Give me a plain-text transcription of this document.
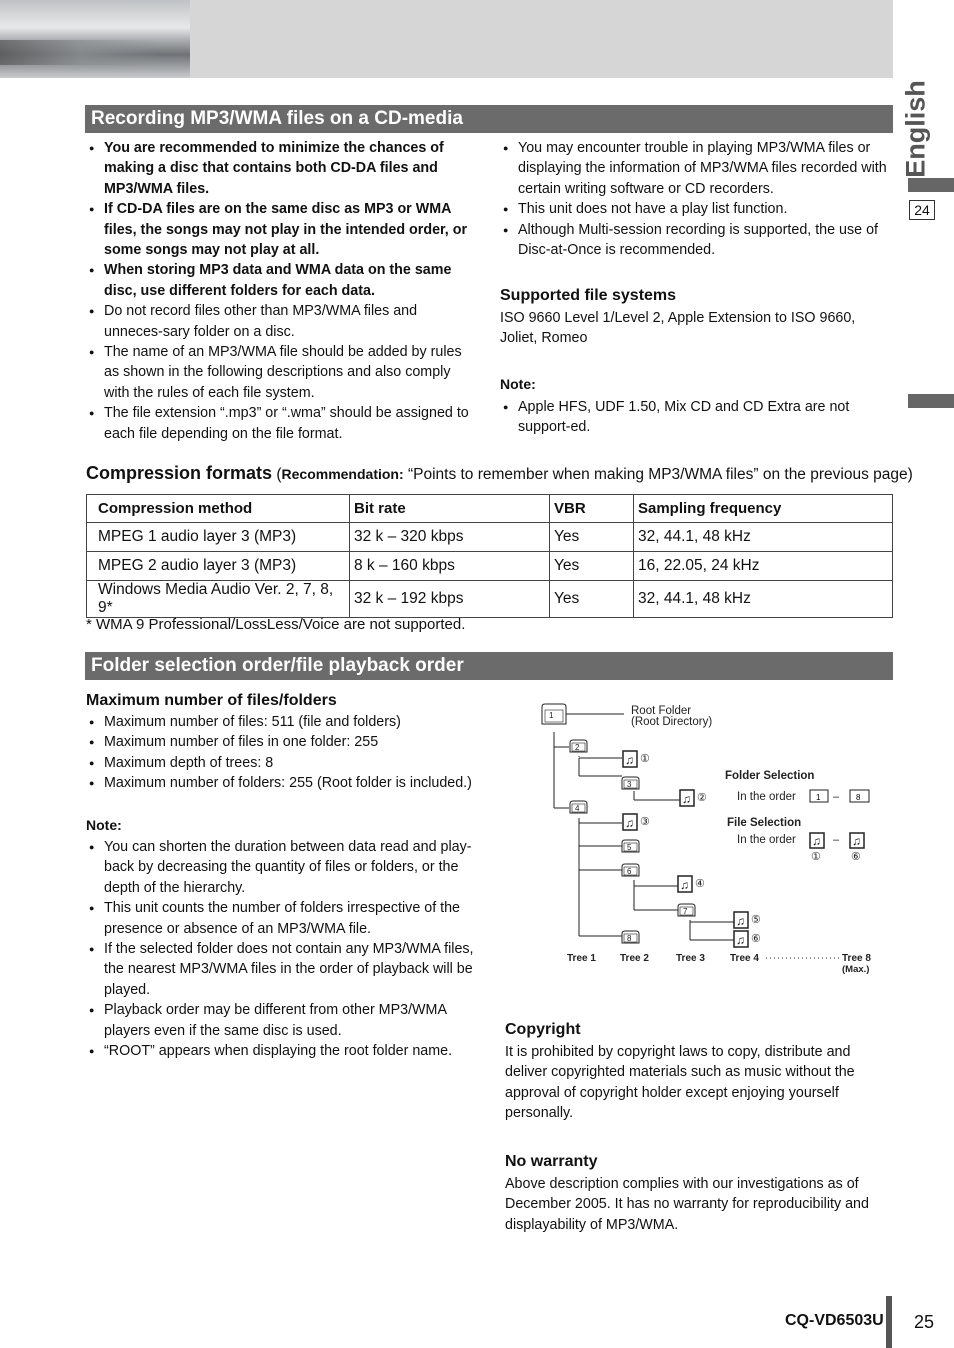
English
24
Recording MP3/WMA files on a CD-media
● You are recommended to minimize the chances of making a disc that contains both CD-DA files and MP3/WMA files.
● If CD-DA files are on the same disc as MP3 or WMA files, the songs may not play in the intended order, or some songs may not play at all.
● When storing MP3 data and WMA data on the same disc, use different folders for each data.
● Do not record files other than MP3/WMA files and unneces-sary folder on a disc.
● The name of an MP3/WMA file should be added by rules as shown in the following descriptions and also comply with the rules of each file system.
● The file extension “.mp3” or “.wma” should be assigned to each file depending on the file format.
● You may encounter trouble in playing MP3/WMA files or displaying the information of MP3/WMA files recorded with certain writing software or CD recorders.
● This unit does not have a play list function.
● Although Multi-session recording is supported, the use of Disc-at-Once is recommended.
Supported file systems
ISO 9660 Level 1/Level 2, Apple Extension to ISO 9660, Joliet, Romeo
Note:
● Apple HFS, UDF 1.50, Mix CD and CD Extra are not support-ed.
Compression formats (Recommendation: “Points to remember when making MP3/WMA files” on the previous page)
Compression method	Bit rate	VBR	Sampling frequency
MPEG 1 audio layer 3 (MP3)	32 k – 320 kbps	Yes	32, 44.1, 48 kHz
MPEG 2 audio layer 3 (MP3)	8 k – 160 kbps	Yes	16, 22.05, 24 kHz
Windows Media Audio Ver. 2, 7, 8, 9*	32 k – 192 kbps	Yes	32, 44.1, 48 kHz
* WMA 9 Professional/LossLess/Voice are not supported.
Folder selection order/file playback order
Maximum number of files/folders
● Maximum number of files: 511 (file and folders)
● Maximum number of files in one folder: 255
● Maximum depth of trees: 8
● Maximum number of folders: 255 (Root folder is included.)
Note:
● You can shorten the duration between data read and play-back by decreasing the quantity of files or folders, or the depth of the hierarchy.
● This unit counts the number of folders irrespective of the presence or absence of an MP3/WMA file.
● If the selected folder does not contain any MP3/WMA files, the nearest MP3/WMA files in the order of playback will be played.
● Playback order may be different from other MP3/WMA players even if the same disc is used.
● “ROOT” appears when displaying the root folder name.
1
2
3
4
5
6
7
8
♫ ①
♫ ②
♫ ③
♫ ④
♫ ⑤
♫ ⑥
Root Folder
(Root Directory)
Folder Selection
In the order	1 – 8
File Selection
In the order ♫ – ♫
①	⑥
Tree 1 Tree 2	Tree 3	Tree 4	Tree 8
(Max.)
Copyright
It is prohibited by copyright laws to copy, distribute and deliver copyrighted materials such as music without the approval of copyright holder except enjoying yourself personally.
No warranty
Above description complies with our investigations as of December 2005. It has no warranty for reproducibility and displayability of MP3/WMA.
CQ-VD6503U 25
